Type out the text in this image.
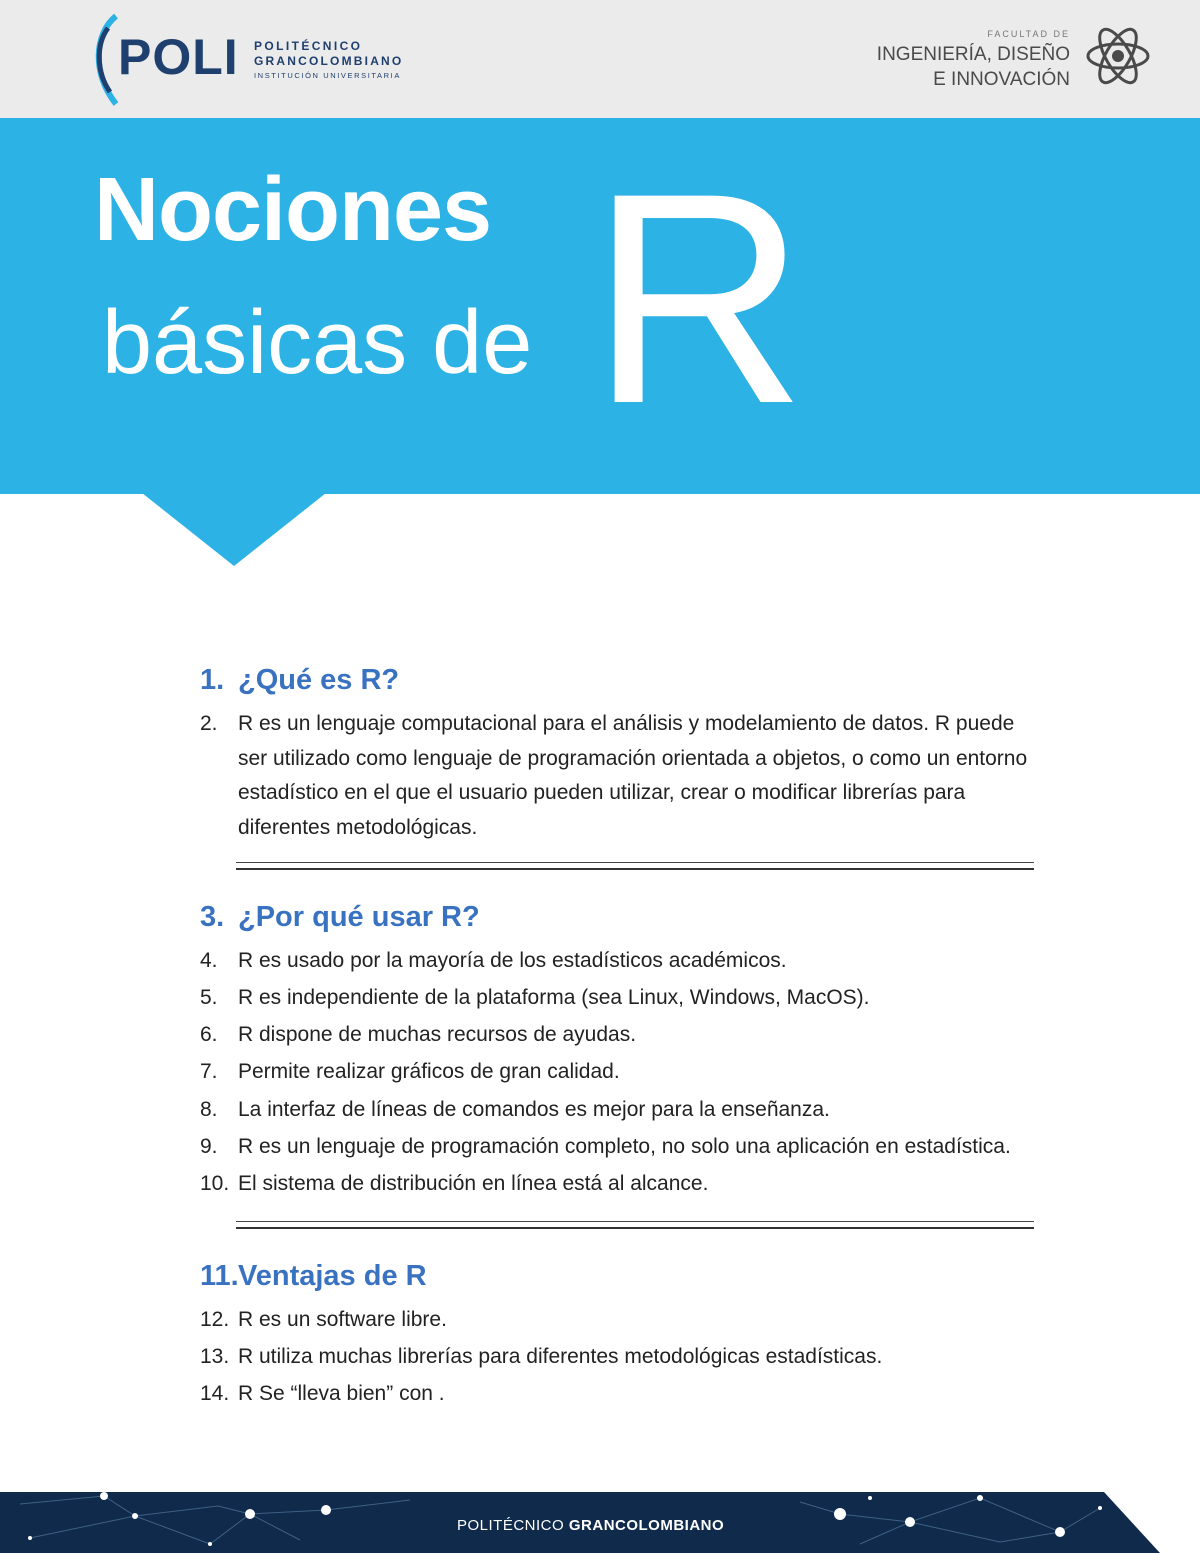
POLI POLITÉCNICO
GRANCOLOMBIANO
INSTITUCIÓN UNIVERSITARIA
FACULTAD DE
INGENIERÍA, DISEÑO
E INNOVACIÓN
Nociones
básicas de R
1. ¿Qué es R?
2. R es un lenguaje computacional para el análisis y modelamiento de datos. R puede ser utilizado como lenguaje de programación orientada a objetos, o como un entorno estadístico en el que el usuario pueden utilizar, crear o modificar librerías para diferentes metodológicas.
3. ¿Por qué usar R?
4. R es usado por la mayoría de los estadísticos académicos.
5. R es independiente de la plataforma (sea Linux, Windows, MacOS).
6. R dispone de muchas recursos de ayudas.
7. Permite realizar gráficos de gran calidad.
8. La interfaz de líneas de comandos es mejor para la enseñanza.
9. R es un lenguaje de programación completo, no solo una aplicación en estadística.
10. El sistema de distribución en línea está al alcance.
11.Ventajas de R
12. R es un software libre.
13. R utiliza muchas librerías para diferentes metodológicas estadísticas.
14. R Se “lleva bien” con .
POLITÉCNICO GRANCOLOMBIANO
